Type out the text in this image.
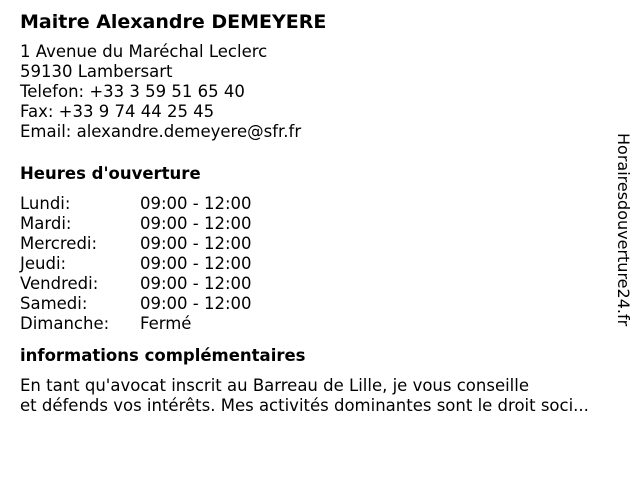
Maitre Alexandre DEMEYERE
1 Avenue du Maréchal Leclerc
59130 Lambersart
Telefon: +33 3 59 51 65 40
Fax: +33 9 74 44 25 45
Email: alexandre.demeyere@sfr.fr
Heures d'ouverture
Lundi:	09:00 - 12:00
Mardi:	09:00 - 12:00
Mercredi:	09:00 - 12:00
Jeudi:	09:00 - 12:00
Vendredi:	09:00 - 12:00
Samedi:	09:00 - 12:00
Dimanche:	Fermé
informations complémentaires
En tant qu'avocat inscrit au Barreau de Lille, je vous conseille
et défends vos intérêts. Mes activités dominantes sont le droit soci...
Horairesdouverture24.fr
